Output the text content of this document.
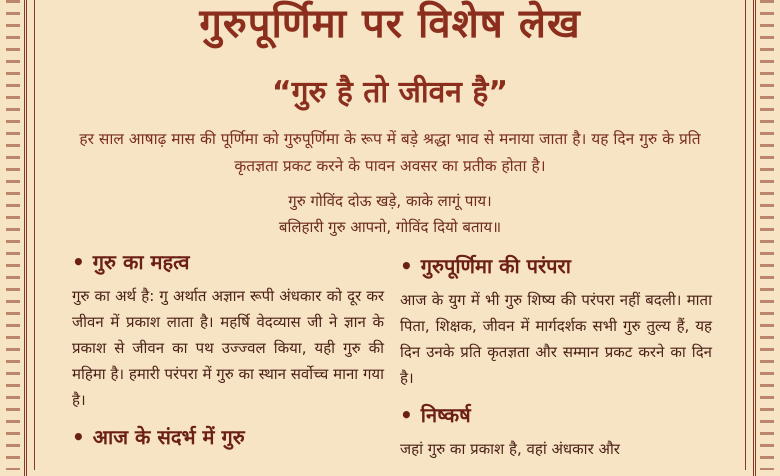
गुरुपूर्णिमा पर विशेष लेख
“गुरु है तो जीवन है”
हर साल आषाढ़ मास की पूर्णिमा को गुरुपूर्णिमा के रूप में बड़े श्रद्धा भाव से मनाया जाता है। यह दिन गुरु के प्रति कृतज्ञता प्रकट करने के पावन अवसर का प्रतीक होता है।
गुरु गोविंद दोऊ खड़े, काके लागूं पाय।
बलिहारी गुरु आपनो, गोविंद दियो बताय॥
• गुरु का महत्व

गुरु का अर्थ है: गु अर्थात अज्ञान रूपी अंधकार को दूर कर जीवन में प्रकाश लाता है। महर्षि वेदव्यास जी ने ज्ञान के प्रकाश से जीवन का पथ उज्ज्वल किया, यही गुरु की महिमा है। हमारी परंपरा में गुरु का स्थान सर्वोच्च माना गया है।

• आज के संदर्भ में गुरु
• गुरुपूर्णिमा की परंपरा

आज के युग में भी गुरु शिष्य की परंपरा नहीं बदली। माता पिता, शिक्षक, जीवन में मार्गदर्शक सभी गुरु तुल्य हैं, यह दिन उनके प्रति कृतज्ञता और सम्मान प्रकट करने का दिन है।

• निष्कर्ष

जहां गुरु का प्रकाश है, वहां अंधकार और
